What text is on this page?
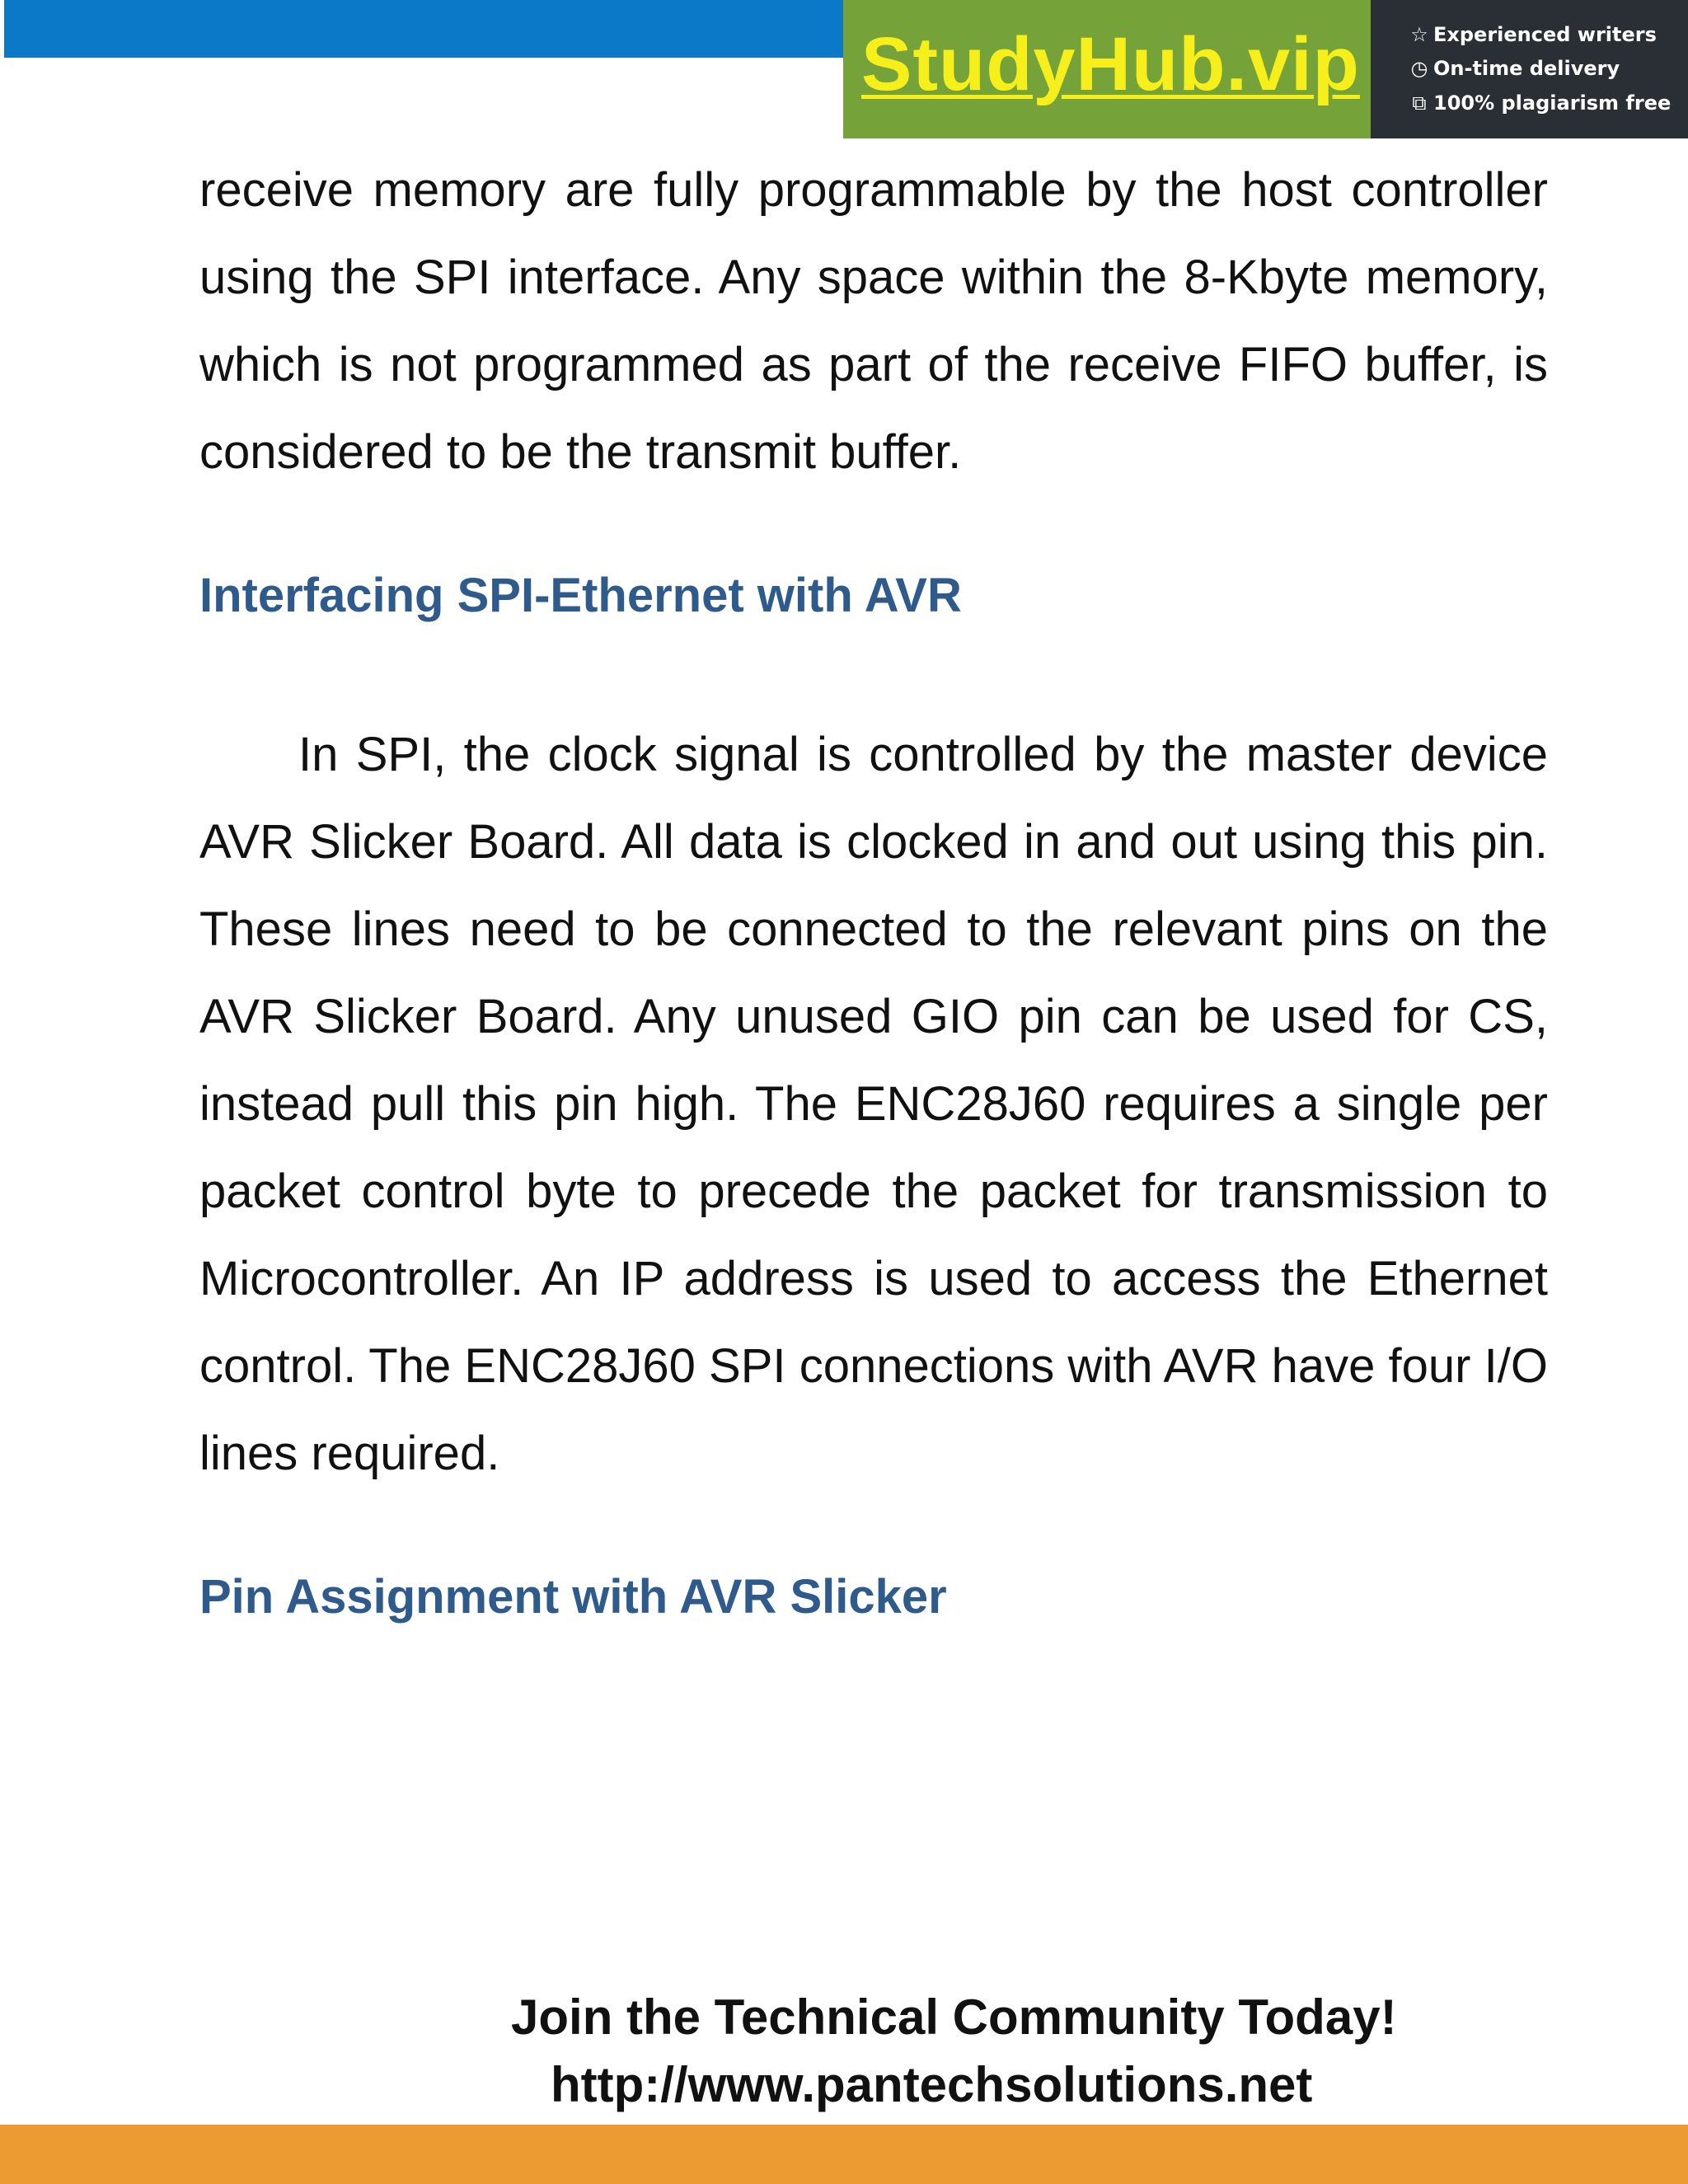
StudyHub.vip	☆ Experienced writers
◷ On-time delivery
⧉ 100% plagiarism free

receive memory are fully programmable by the host controller using the SPI interface. Any space within the 8-Kbyte memory, which is not programmed as part of the receive FIFO buffer, is considered to be the transmit buffer.

Interfacing SPI-Ethernet with AVR

In SPI, the clock signal is controlled by the master device AVR Slicker Board. All data is clocked in and out using this pin. These lines need to be connected to the relevant pins on the AVR Slicker Board. Any unused GIO pin can be used for CS, instead pull this pin high. The ENC28J60 requires a single per packet control byte to precede the packet for transmission to Microcontroller. An IP address is used to access the Ethernet control. The ENC28J60 SPI connections with AVR have four I/O lines required.

Pin Assignment with AVR Slicker
Join the Technical Community Today!
http://www.pantechsolutions.net
